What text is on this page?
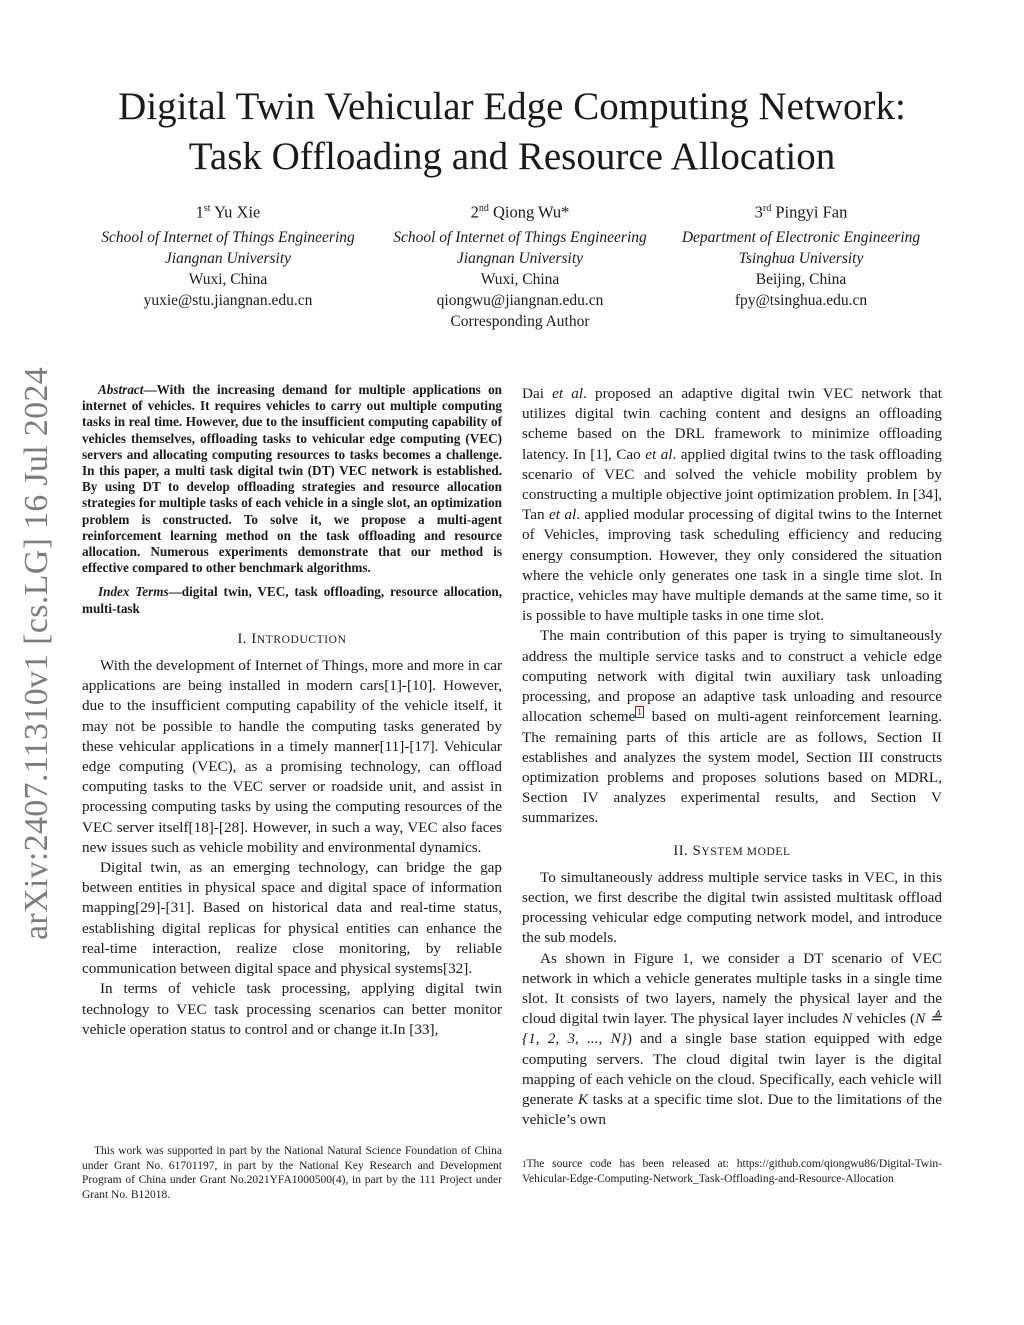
Digital Twin Vehicular Edge Computing Network:
Task Offloading and Resource Allocation
1st Yu Xie
School of Internet of Things Engineering
Jiangnan University
Wuxi, China
yuxie@stu.jiangnan.edu.cn
2nd Qiong Wu*
School of Internet of Things Engineering
Jiangnan University
Wuxi, China
qiongwu@jiangnan.edu.cn
Corresponding Author
3rd Pingyi Fan
Department of Electronic Engineering
Tsinghua University
Beijing, China
fpy@tsinghua.edu.cn
arXiv:2407.11310v1 [cs.LG] 16 Jul 2024	Abstract—With the increasing demand for multiple applications on internet of vehicles. It requires vehicles to carry out multiple computing tasks in real time. However, due to the insufficient computing capability of vehicles themselves, offloading tasks to vehicular edge computing (VEC) servers and allocating computing resources to tasks becomes a challenge. In this paper, a multi task digital twin (DT) VEC network is established. By using DT to develop offloading strategies and resource allocation strategies for multiple tasks of each vehicle in a single slot, an optimization problem is constructed. To solve it, we propose a multi-agent reinforcement learning method on the task offloading and resource allocation. Numerous experiments demonstrate that our method is effective compared to other benchmark algorithms.

Index Terms—digital twin, VEC, task offloading, resource allocation, multi-task

I. INTRODUCTION

With the development of Internet of Things, more and more in car applications are being installed in modern cars[1]-[10]. However, due to the insufficient computing capability of the vehicle itself, it may not be possible to handle the computing tasks generated by these vehicular applications in a timely manner[11]-[17]. Vehicular edge computing (VEC), as a promising technology, can offload computing tasks to the VEC server or roadside unit, and assist in processing computing tasks by using the computing resources of the VEC server itself[18]-[28]. However, in such a way, VEC also faces new issues such as vehicle mobility and environmental dynamics.

Digital twin, as an emerging technology, can bridge the gap between entities in physical space and digital space of information mapping[29]-[31]. Based on historical data and real-time status, establishing digital replicas for physical entities can enhance the real-time interaction, realize close monitoring, by reliable communication between digital space and physical systems[32].

In terms of vehicle task processing, applying digital twin technology to VEC task processing scenarios can better monitor vehicle operation status to control and or change it.In [33],

Dai et al. proposed an adaptive digital twin VEC network that utilizes digital twin caching content and designs an offloading scheme based on the DRL framework to minimize offloading latency. In [1], Cao et al. applied digital twins to the task offloading scenario of VEC and solved the vehicle mobility problem by constructing a multiple objective joint optimization problem. In [34], Tan et al. applied modular processing of digital twins to the Internet of Vehicles, improving task scheduling efficiency and reducing energy consumption. However, they only considered the situation where the vehicle only generates one task in a single time slot. In practice, vehicles may have multiple demands at the same time, so it is possible to have multiple tasks in one time slot.

The main contribution of this paper is trying to simultaneously address the multiple service tasks and to construct a vehicle edge computing network with digital twin auxiliary task unloading processing, and propose an adaptive task unloading and resource allocation scheme $^1$ based on multi-agent reinforcement learning. The remaining parts of this article are as follows, Section II establishes and analyzes the system model, Section III constructs optimization problems and proposes solutions based on MDRL, Section IV analyzes experimental results, and Section V summarizes.

II. SYSTEM MODEL

To simultaneously address multiple service tasks in VEC, in this section, we first describe the digital twin assisted multitask offload processing vehicular edge computing network model, and introduce the sub models.

As shown in Figure 1, we consider a DT scenario of VEC network in which a vehicle generates multiple tasks in a single time slot. It consists of two layers, namely the physical layer and the cloud digital twin layer. The physical layer includes N vehicles (N ≜ {1, 2, 3, ..., N}) and a single base station equipped with edge computing servers. The cloud digital twin layer is the digital mapping of each vehicle on the cloud. Specifically, each vehicle will generate K tasks at a specific time slot. Due to the limitations of the vehicle’s own

This work was supported in part by the National Natural Science Foundation of China under Grant No. 61701197, in part by the National Key Research and Development Program of China under Grant No.2021YFA1000500(4), in part by the 111 Project under Grant No. B12018.
$^1$The source code has been released at: https://github.com/qiongwu86/Digital-Twin-Vehicular-Edge-Computing-Network_Task-Offloading-and-Resource-Allocation
